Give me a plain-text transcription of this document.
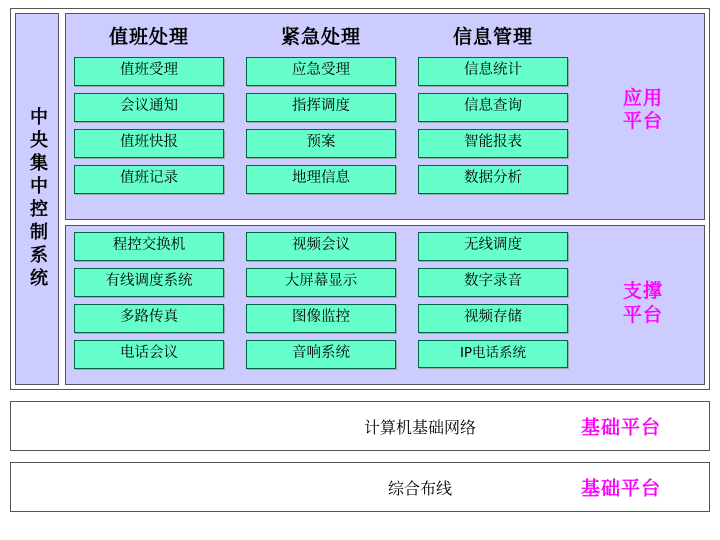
中央集中控制系统
值班处理
值班受理
会议通知
值班快报
值班记录
紧急处理
应急受理
指挥调度
预案
地理信息
信息管理
信息统计
信息查询
智能报表
数据分析
应用
平台
程控交换机
有线调度系统
多路传真
电话会议
视频会议
大屏幕显示
图像监控
音响系统
无线调度
数字录音
视频存储
IP电话系统
支撑
平台
计算机基础网络	基础平台
综合布线	基础平台
